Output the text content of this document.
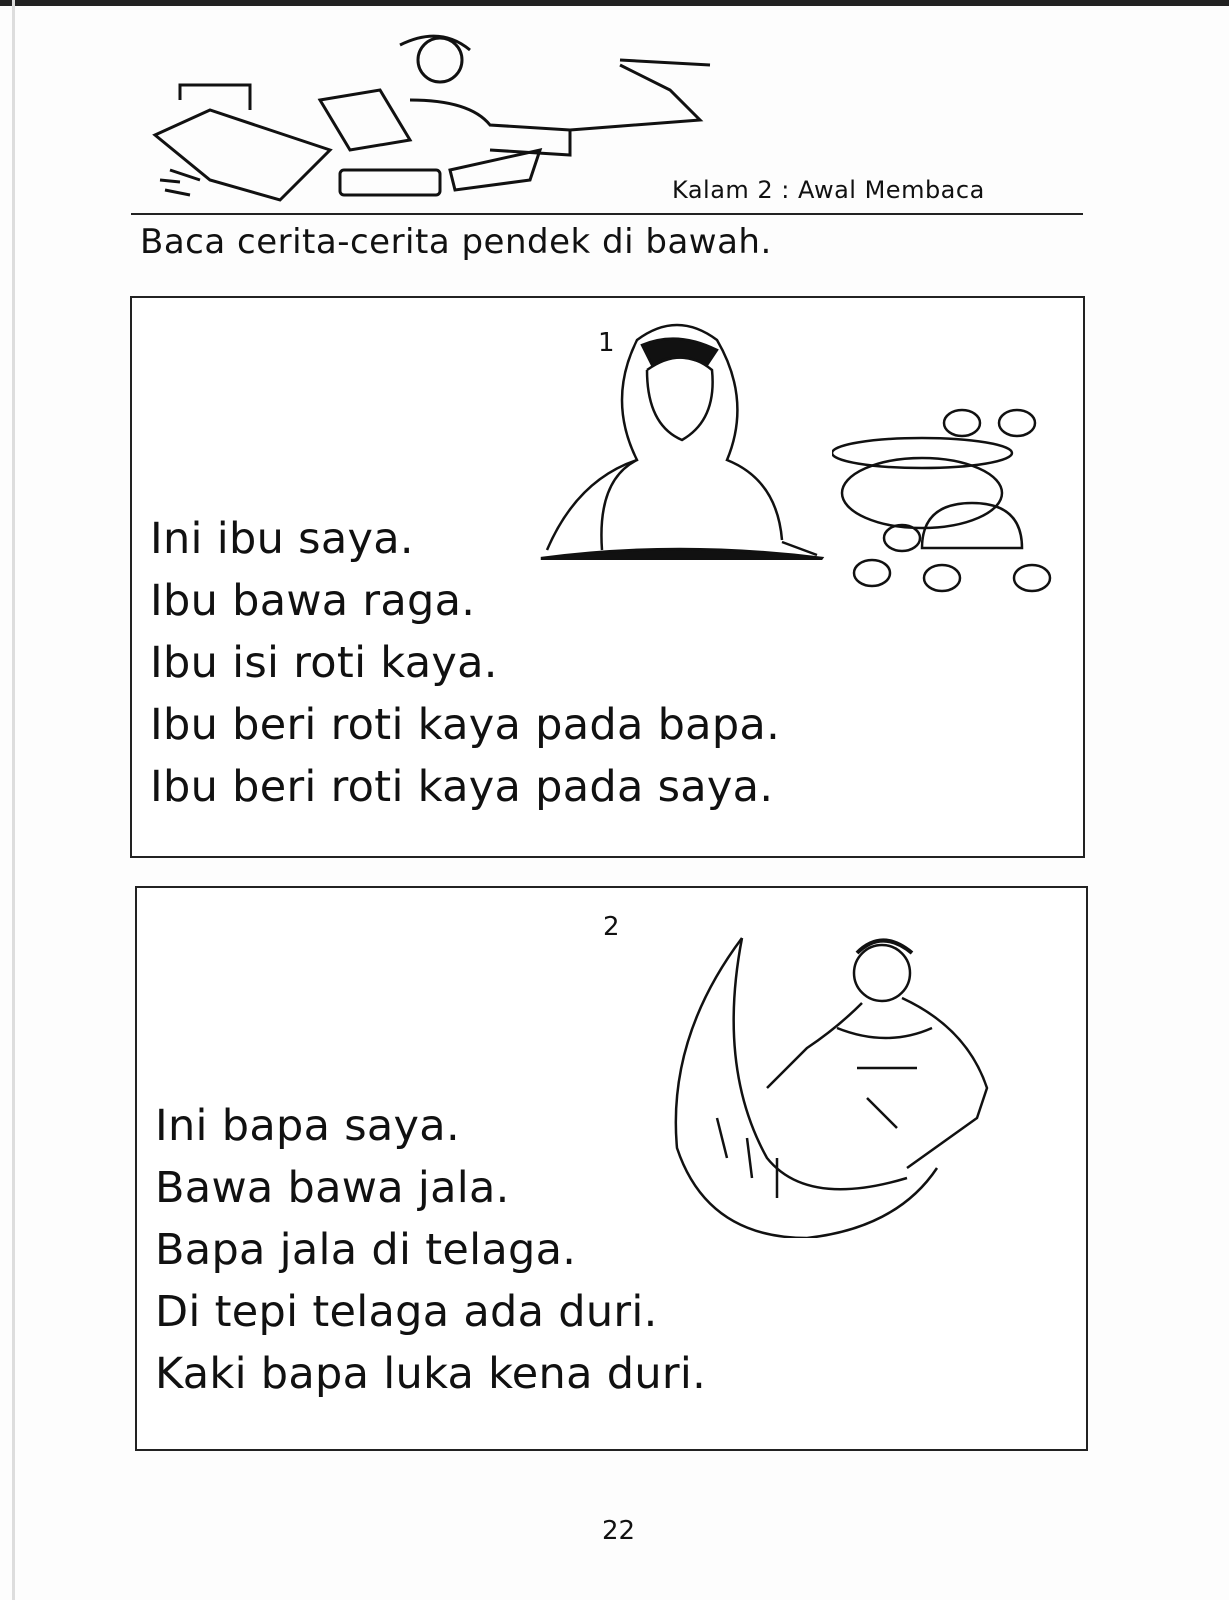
Kalam 2 : Awal Membaca
Baca cerita-cerita pendek di bawah.
1
Ini ibu saya.
Ibu bawa raga.
Ibu isi roti kaya.
Ibu beri roti kaya pada bapa.
Ibu beri roti kaya pada saya.
2
Ini bapa saya.
Bawa bawa jala.
Bapa jala di telaga.
Di tepi telaga ada duri.
Kaki bapa luka kena duri.
22
